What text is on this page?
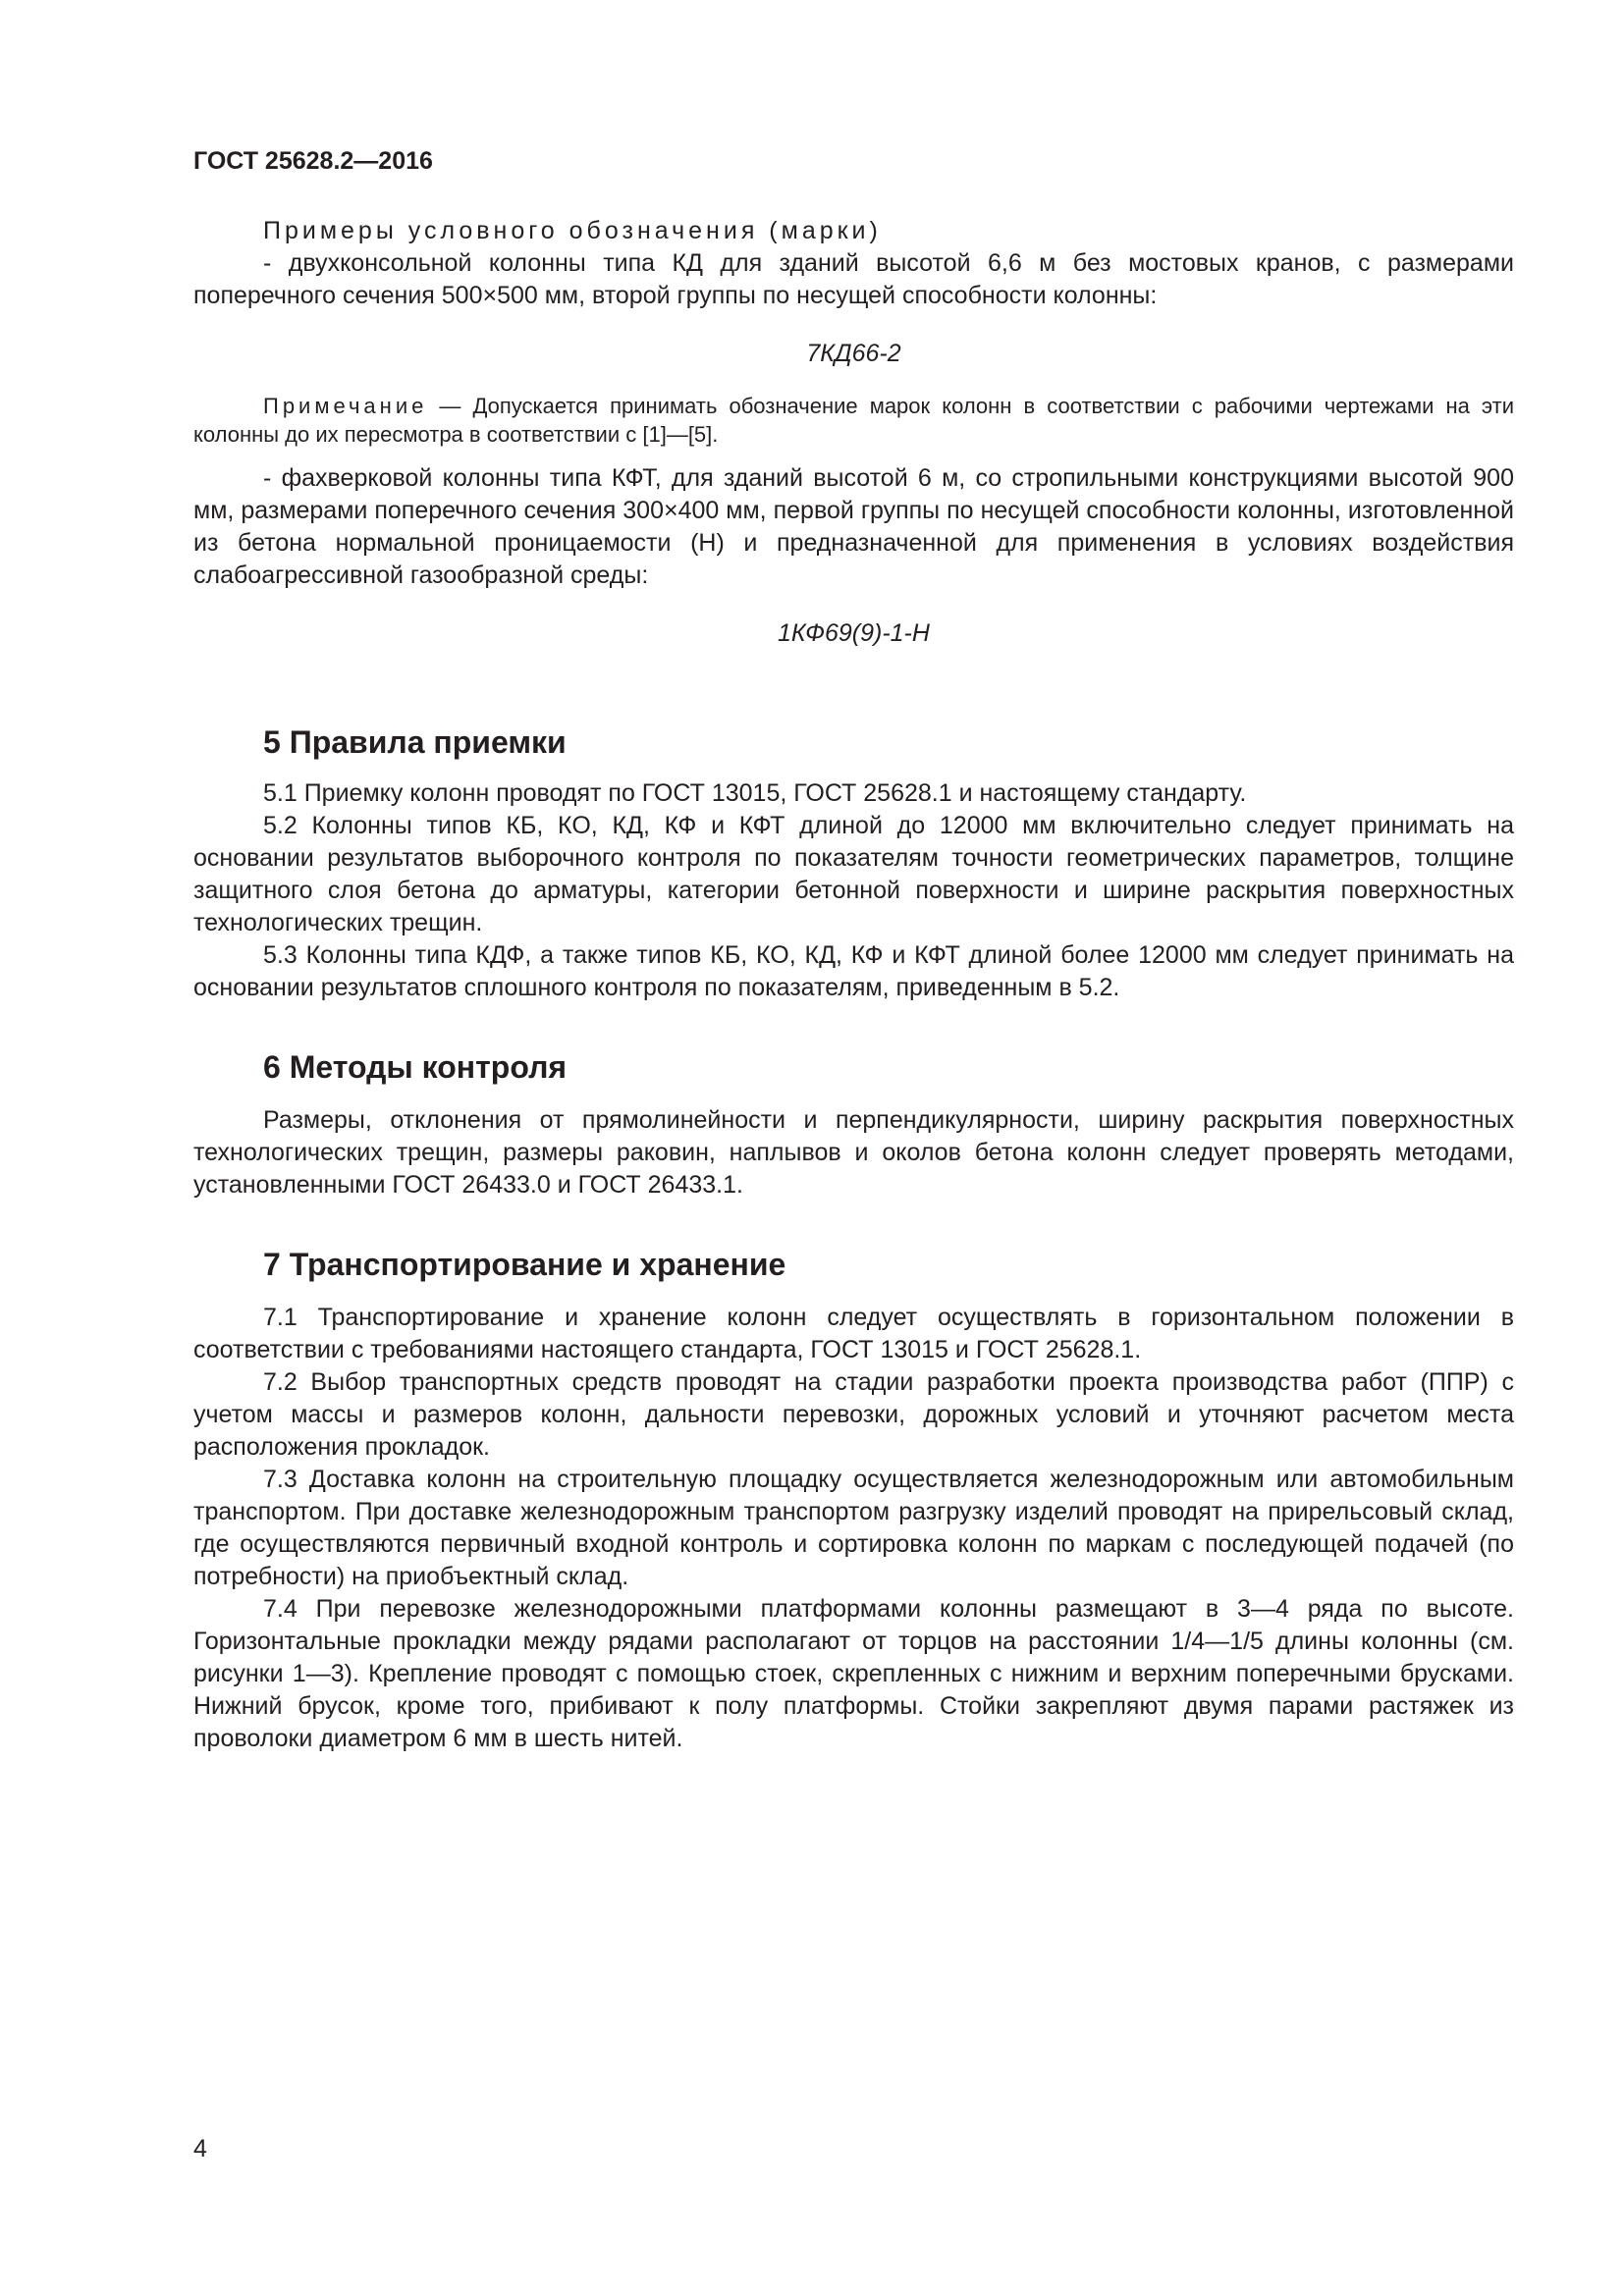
ГОСТ 25628.2—2016

Примеры условного обозначения (марки)

- двухконсольной колонны типа КД для зданий высотой 6,6 м без мостовых кранов, с размерами поперечного сечения 500×500 мм, второй группы по несущей способности колонны:

7КД66-2

Примечание — Допускается принимать обозначение марок колонн в соответствии с рабочими чертежами на эти колонны до их пересмотра в соответствии с [1]—[5].

- фахверковой колонны типа КФТ, для зданий высотой 6 м, со стропильными конструкциями высотой 900 мм, размерами поперечного сечения 300×400 мм, первой группы по несущей способности колонны, изготовленной из бетона нормальной проницаемости (Н) и предназначенной для применения в условиях воздействия слабоагрессивной газообразной среды:

1КФ69(9)-1-Н

5 Правила приемки

5.1 Приемку колонн проводят по ГОСТ 13015, ГОСТ 25628.1 и настоящему стандарту.

5.2 Колонны типов КБ, КО, КД, КФ и КФТ длиной до 12000 мм включительно следует принимать на основании результатов выборочного контроля по показателям точности геометрических параметров, толщине защитного слоя бетона до арматуры, категории бетонной поверхности и ширине раскрытия поверхностных технологических трещин.

5.3 Колонны типа КДФ, а также типов КБ, КО, КД, КФ и КФТ длиной более 12000 мм следует принимать на основании результатов сплошного контроля по показателям, приведенным в 5.2.

6 Методы контроля

Размеры, отклонения от прямолинейности и перпендикулярности, ширину раскрытия поверхностных технологических трещин, размеры раковин, наплывов и околов бетона колонн следует проверять методами, установленными ГОСТ 26433.0 и ГОСТ 26433.1.

7 Транспортирование и хранение

7.1 Транспортирование и хранение колонн следует осуществлять в горизонтальном положении в соответствии с требованиями настоящего стандарта, ГОСТ 13015 и ГОСТ 25628.1.

7.2 Выбор транспортных средств проводят на стадии разработки проекта производства работ (ППР) с учетом массы и размеров колонн, дальности перевозки, дорожных условий и уточняют расчетом места расположения прокладок.

7.3 Доставка колонн на строительную площадку осуществляется железнодорожным или автомобильным транспортом. При доставке железнодорожным транспортом разгрузку изделий проводят на прирельсовый склад, где осуществляются первичный входной контроль и сортировка колонн по маркам с последующей подачей (по потребности) на приобъектный склад.

7.4 При перевозке железнодорожными платформами колонны размещают в 3—4 ряда по высоте. Горизонтальные прокладки между рядами располагают от торцов на расстоянии 1/4—1/5 длины колонны (см. рисунки 1—3). Крепление проводят с помощью стоек, скрепленных с нижним и верхним поперечными брусками. Нижний брусок, кроме того, прибивают к полу платформы. Стойки закрепляют двумя парами растяжек из проволоки диаметром 6 мм в шесть нитей.

4
